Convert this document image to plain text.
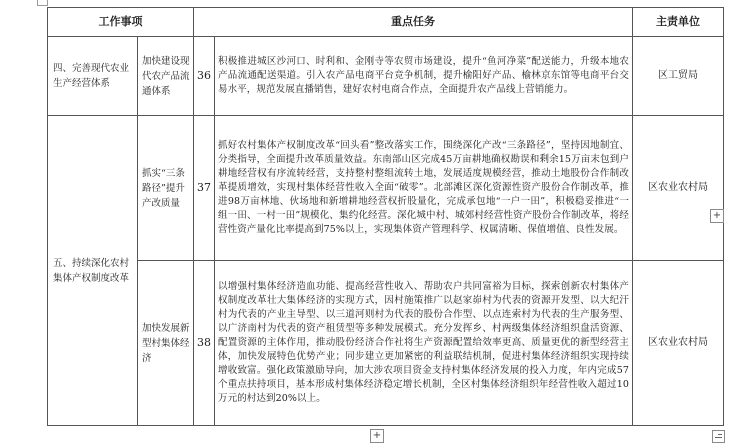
工作事项		重点任务		主责单位
四、完善现代农业生产经营体系	加快建设现代农产品流通体系	36	积极推进城区沙河口、时利和、金刚寺等农贸市场建设，提升“鱼河净菜”配送能力，升级本地农产品流通配送渠道。引入农产品电商平台竞争机制，提升榆阳好产品、榆林京东馆等电商平台交易水平，规范发展直播销售，建好农村电商合作点，全面提升农产品线上营销能力。	区工贸局
五、持续深化农村集体产权制度改革	抓实“三条路径”提升产改质量	37	抓好农村集体产权制度改革“回头看”整改落实工作，围绕深化产改“三条路径”，坚持因地制宜、分类指导，全面提升改革质量效益。东南部山区完成45万亩耕地确权勘误和剩余15万亩末包到户耕地经营权有序流转经营，支持整村整组流转土地，发展适度规模经营，推动土地股份合作制改革提质增效，实现村集体经营性收入全面“破零”。北部滩区深化资源性资产股份合作制改革，推进98万亩林地、伙场地和新增耕地经营权折股量化，完成承包地“一户一田”，积极稳妥推进“一组一田、一村一田”规模化、集约化经营。深化城中村、城郊村经营性资产股份合作制改革，将经营性资产量化比率提高到75%以上，实现集体资产管理科学、权属清晰、保值增值、良性发展。	区农业农村局
	加快发展新型村集体经济	38	以增强村集体经济造血功能、提高经营性收入、帮助农户共同富裕为目标，探索创新农村集体产权制度改革壮大集体经济的实现方式，因村施策推广以赵家峁村为代表的资源开发型、以大纪汗村为代表的产业主导型、以三道河则村为代表的股份合作型、以点连索村为代表的生产服务型、以广济南村为代表的资产租赁型等多种发展模式。充分发挥乡、村两级集体经济组织盘活资源、配置资源的主体作用，推动股份经济合作社将生产资源配置给效率更高、质量更优的新型经营主体，加快发展特色优势产业；同步建立更加紧密的利益联结机制，促进村集体经济组织实现持续增收致富。强化政策激励导向，加大涉农项目资金支持村集体经济发展的投入力度，年内完成57个重点扶持项目，基本形成村集体经济稳定增长机制，全区村集体经济组织年经营性收入超过10万元的村达到20%以上。	区农业农村局
+
+
